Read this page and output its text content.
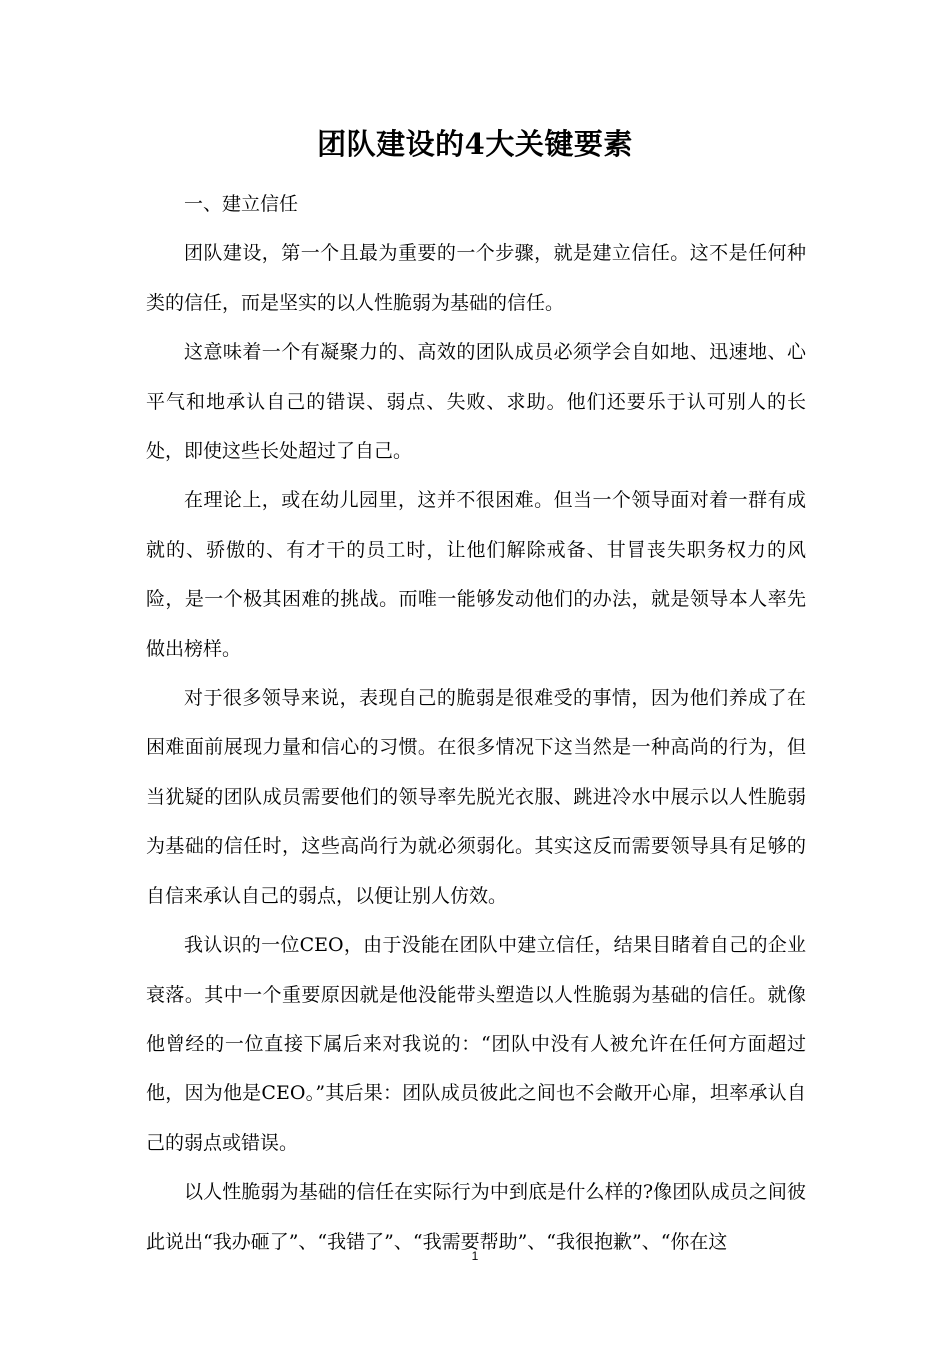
团队建设的4大关键要素

一、建立信任

团队建设，第一个且最为重要的一个步骤，就是建立信任。这不是任何种类的信任，而是坚实的以人性脆弱为基础的信任。

这意味着一个有凝聚力的、高效的团队成员必须学会自如地、迅速地、心平气和地承认自己的错误、弱点、失败、求助。他们还要乐于认可别人的长处，即使这些长处超过了自己。

在理论上，或在幼儿园里，这并不很困难。但当一个领导面对着一群有成就的、骄傲的、有才干的员工时，让他们解除戒备、甘冒丧失职务权力的风险，是一个极其困难的挑战。而唯一能够发动他们的办法，就是领导本人率先做出榜样。

对于很多领导来说，表现自己的脆弱是很难受的事情，因为他们养成了在困难面前展现力量和信心的习惯。在很多情况下这当然是一种高尚的行为，但当犹疑的团队成员需要他们的领导率先脱光衣服、跳进冷水中展示以人性脆弱为基础的信任时，这些高尚行为就必须弱化。其实这反而需要领导具有足够的自信来承认自己的弱点，以便让别人仿效。

我认识的一位CEO，由于没能在团队中建立信任，结果目睹着自己的企业衰落。其中一个重要原因就是他没能带头塑造以人性脆弱为基础的信任。就像他曾经的一位直接下属后来对我说的：“团队中没有人被允许在任何方面超过他，因为他是CEO。”其后果：团队成员彼此之间也不会敞开心扉，坦率承认自己的弱点或错误。

以人性脆弱为基础的信任在实际行为中到底是什么样的?像团队成员之间彼此说出“我办砸了”、“我错了”、“我需要帮助”、“我很抱歉”、“你在这

1
